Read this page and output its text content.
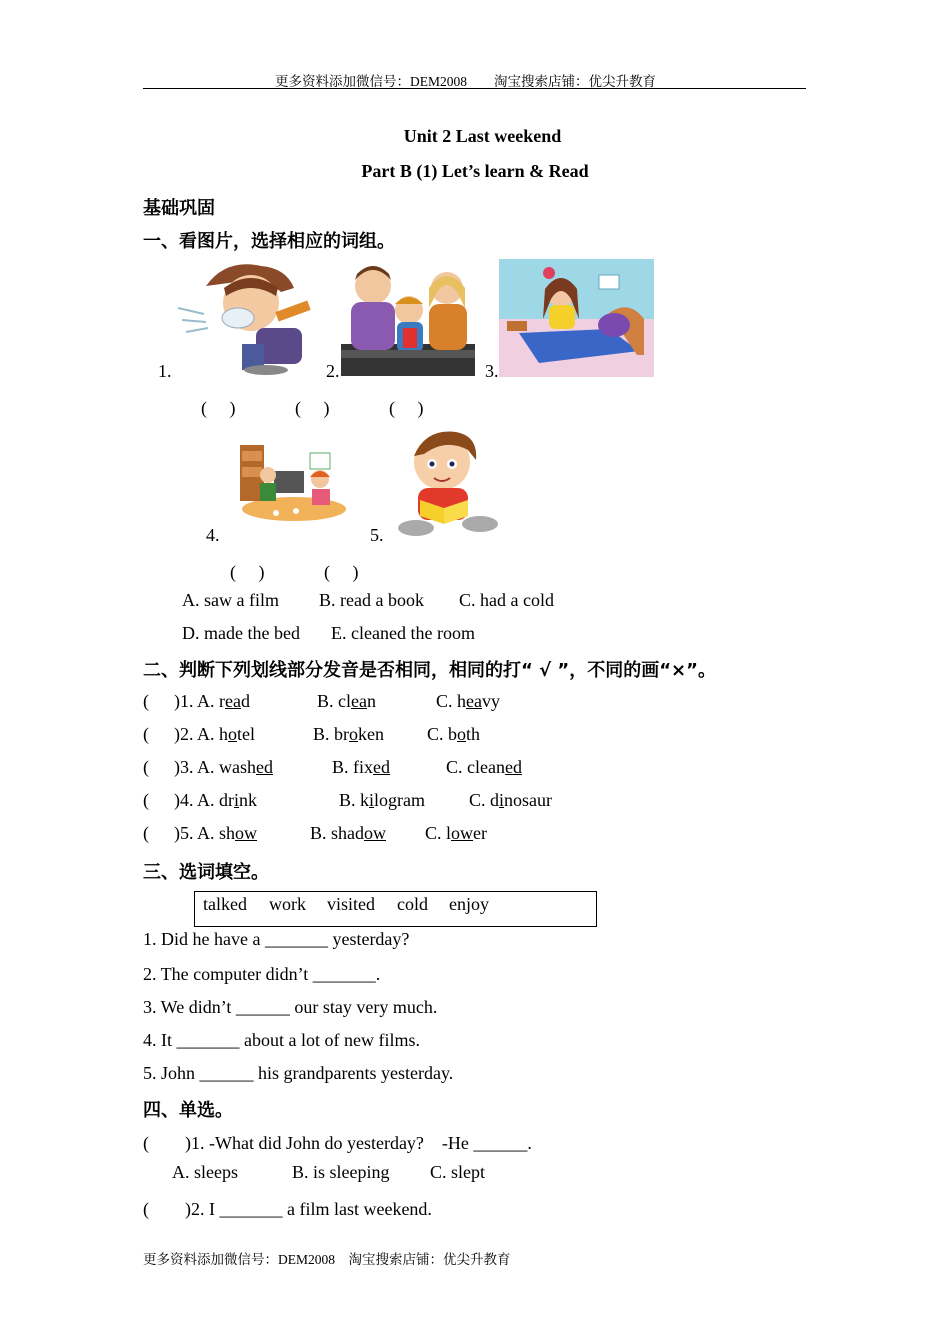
更多资料添加微信号：DEM2008　　淘宝搜索店铺：优尖升教育
Unit 2 Last weekend
Part B (1) Let’s learn & Read
基础巩固
一、看图片，选择相应的词组。
1.	2.	3.
(　 )	(　 )	(　 )
4.	5.
(　 )	(　 )
A. saw a film B. read a book C. had a cold
D. made the bed E. cleaned the room
二、判断下列划线部分发音是否相同，相同的打“ √ ”，不同的画“×”。
( )1. A. read	B. clean	C. heavy
( )2. A. hotel	B. broken C. both
( )3. A. washed	B. fixed	C. cleaned
( )4. A. drink	B. kilogram C. dinosaur
( )5. A. show	B. shadow C. lower
三、选词填空。
talked work visited cold enjoy
1. Did he have a _______ yesterday?
2. The computer didn’t _______.
3. We didn’t ______ our stay very much.
4. It _______ about a lot of new films.
5. John ______ his grandparents yesterday.
四、单选。
(　　)1. -What did John do yesterday?　-He ______.
A. sleeps	B. is sleeping C. slept
(　　)2. I _______ a film last weekend.
更多资料添加微信号：DEM2008　淘宝搜索店铺：优尖升教育
